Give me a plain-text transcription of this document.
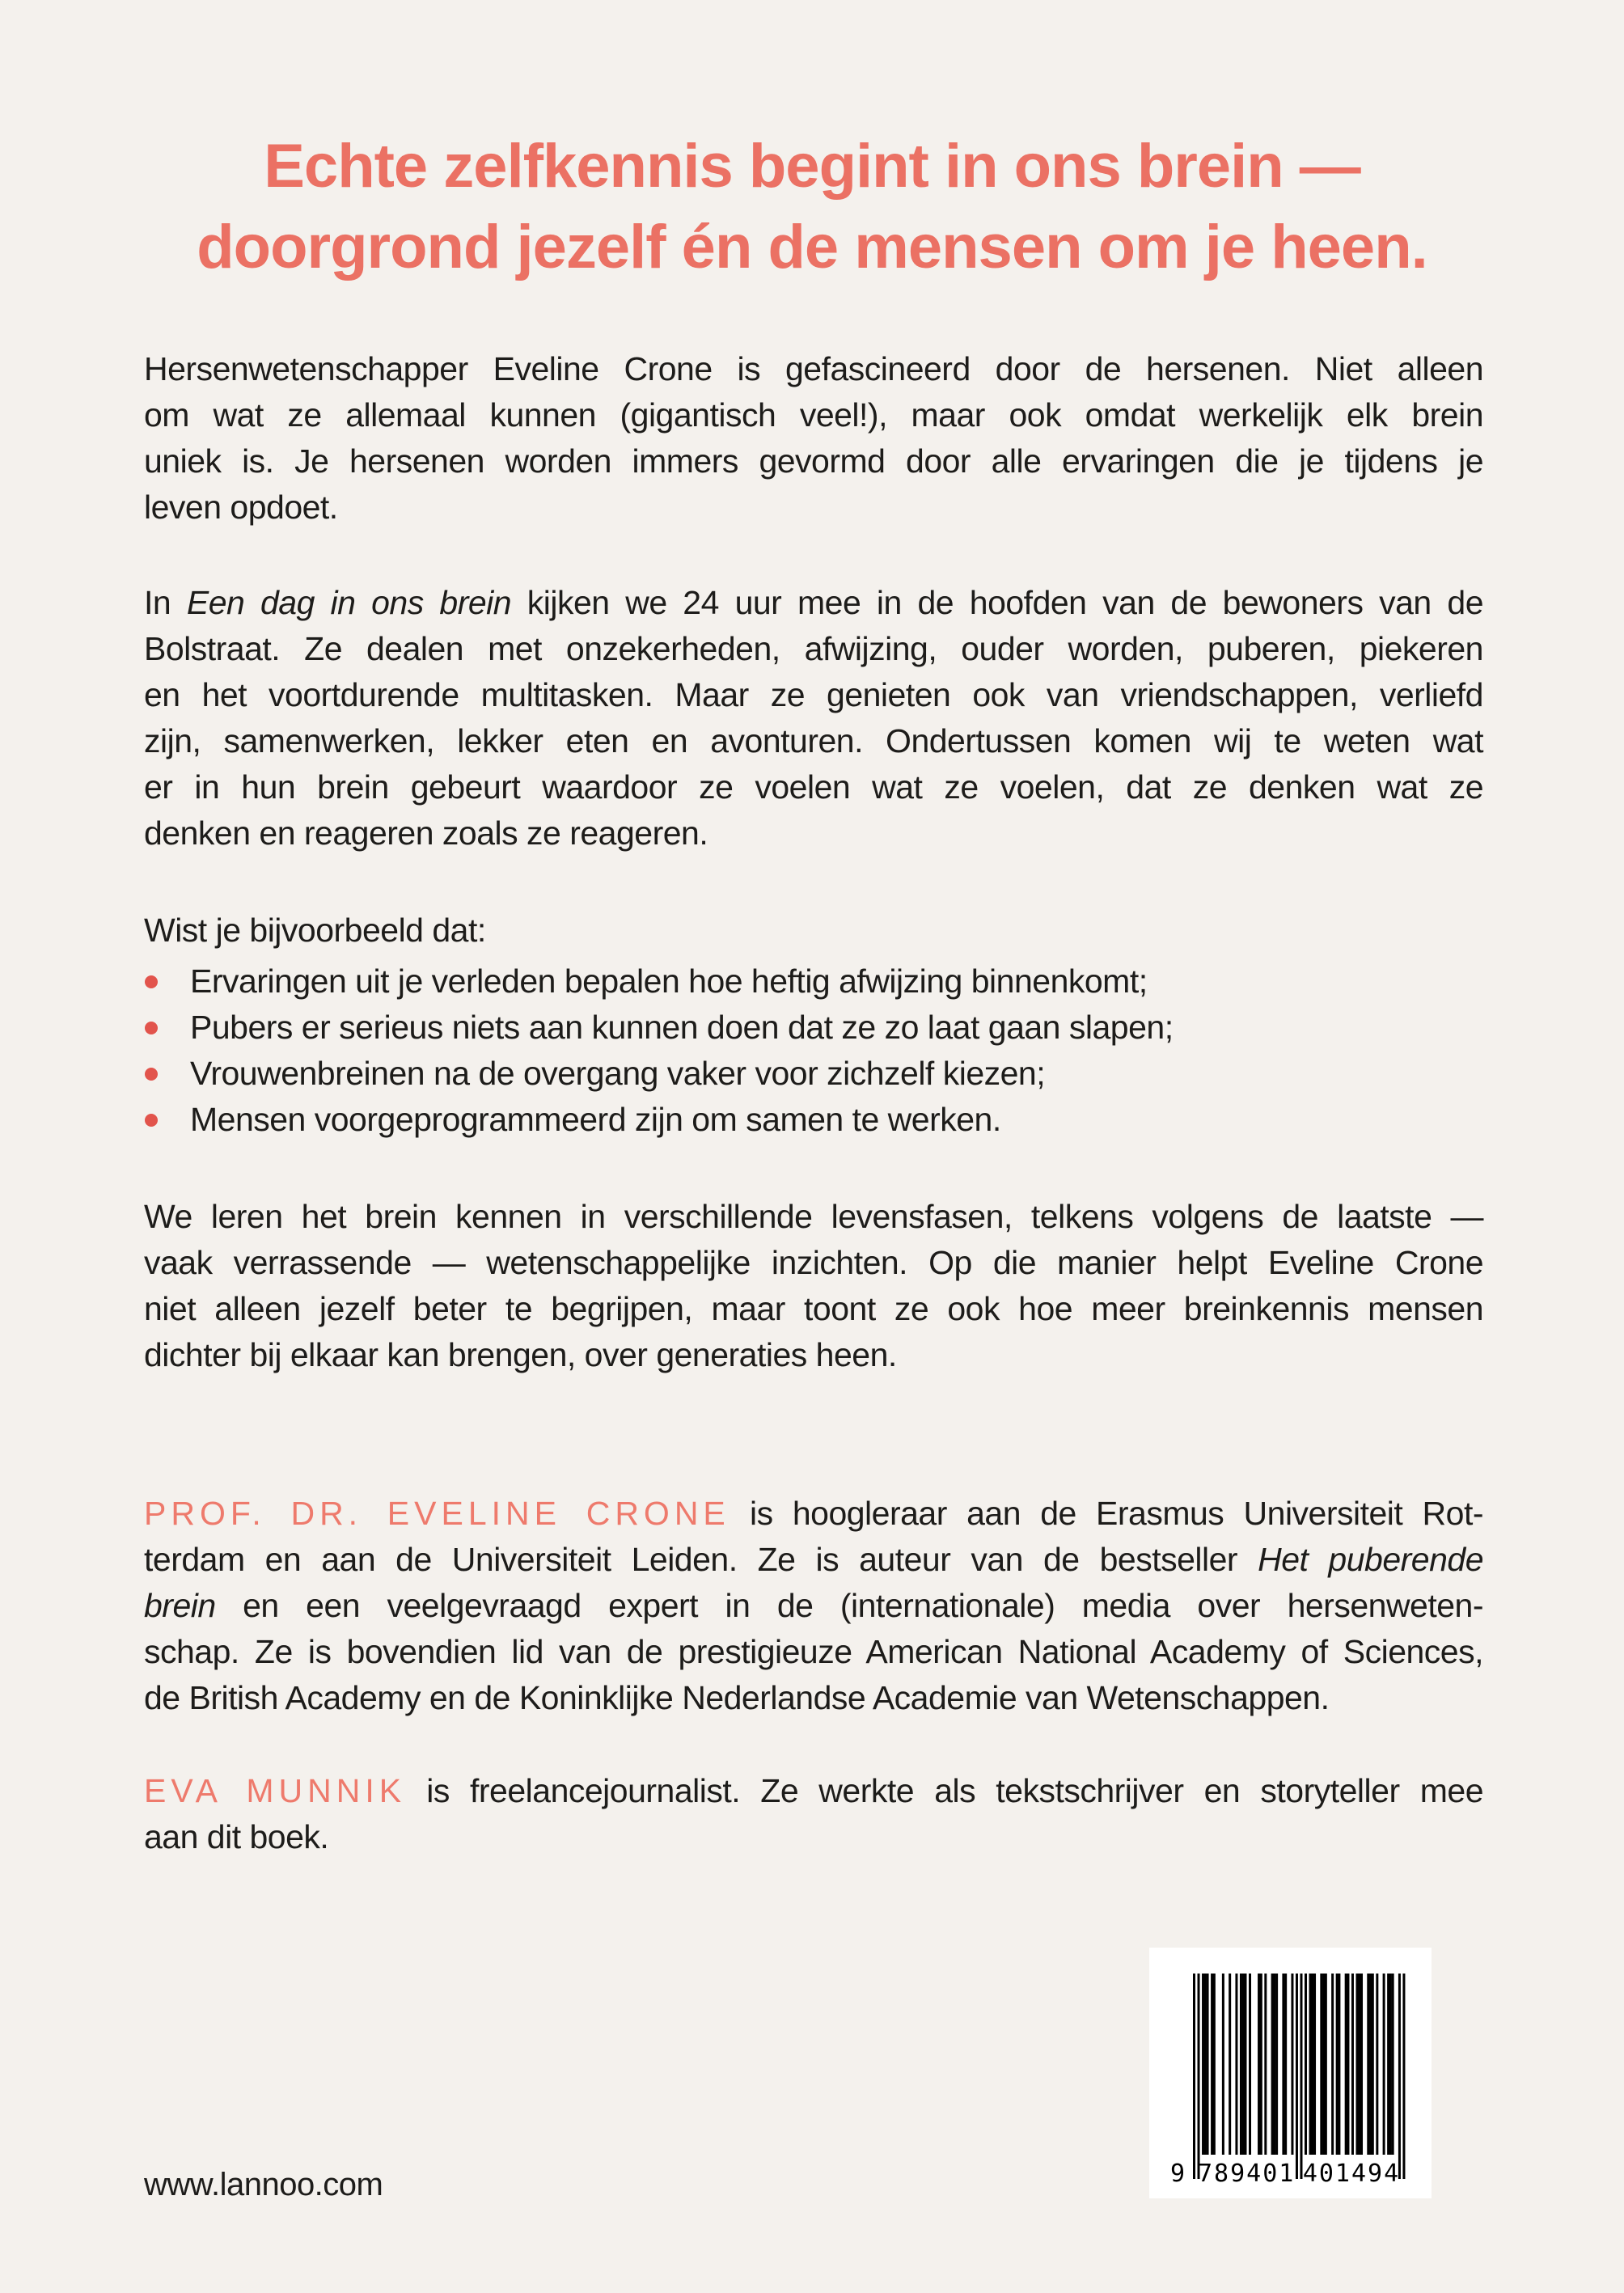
Echte zelfkennis begint in ons brein —
doorgrond jezelf én de mensen om je heen.
Hersenwetenschapper Eveline Crone is gefascineerd door de hersenen. Niet alleen
om wat ze allemaal kunnen (gigantisch veel!), maar ook omdat werkelijk elk brein
uniek is. Je hersenen worden immers gevormd door alle ervaringen die je tijdens je
leven opdoet.
In Een dag in ons brein kijken we 24 uur mee in de hoofden van de bewoners van de
Bolstraat. Ze dealen met onzekerheden, afwijzing, ouder worden, puberen, piekeren
en het voortdurende multitasken. Maar ze genieten ook van vriendschappen, verliefd
zijn, samenwerken, lekker eten en avonturen. Ondertussen komen wij te weten wat
er in hun brein gebeurt waardoor ze voelen wat ze voelen, dat ze denken wat ze
denken en reageren zoals ze reageren.
Wist je bijvoorbeeld dat:
Ervaringen uit je verleden bepalen hoe heftig afwijzing binnenkomt;
Pubers er serieus niets aan kunnen doen dat ze zo laat gaan slapen;
Vrouwenbreinen na de overgang vaker voor zichzelf kiezen;
Mensen voorgeprogrammeerd zijn om samen te werken.
We leren het brein kennen in verschillende levensfasen, telkens volgens de laatste —
vaak verrassende — wetenschappelijke inzichten. Op die manier helpt Eveline Crone
niet alleen jezelf beter te begrijpen, maar toont ze ook hoe meer breinkennis mensen
dichter bij elkaar kan brengen, over generaties heen.
PROF. DR. EVELINE CRONE is hoogleraar aan de Erasmus Universiteit Rot-
terdam en aan de Universiteit Leiden. Ze is auteur van de bestseller Het puberende
brein en een veelgevraagd expert in de (internationale) media over hersenweten-
schap. Ze is bovendien lid van de prestigieuze American National Academy of Sciences,
de British Academy en de Koninklijke Nederlandse Academie van Wetenschappen.
EVA MUNNIK is freelancejournalist. Ze werkte als tekstschrijver en storyteller mee
aan dit boek.
www.lannoo.com	9 789401 401494
